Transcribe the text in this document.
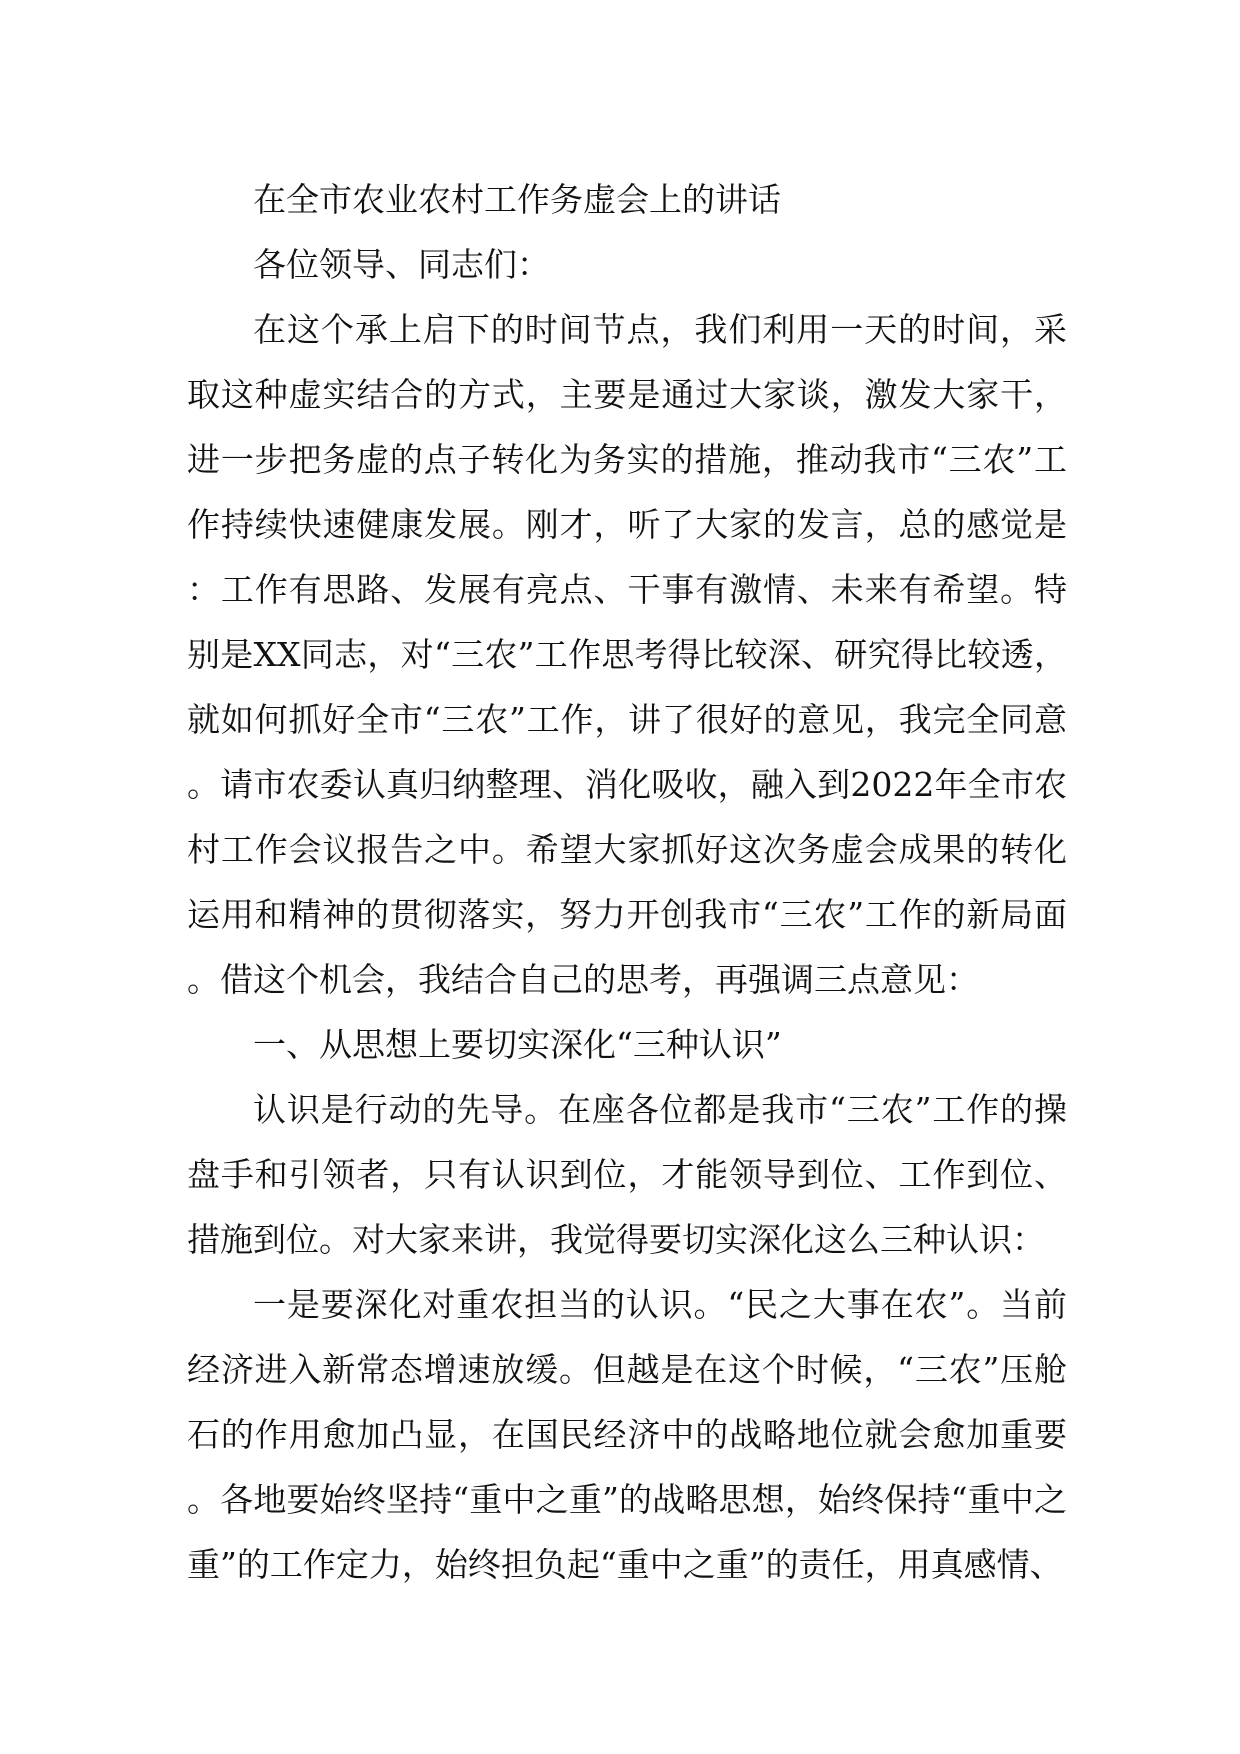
在全市农业农村工作务虚会上的讲话

各位领导、同志们：

在这个承上启下的时间节点，我们利用一天的时间，采取这种虚实结合的方式，主要是通过大家谈，激发大家干，进一步把务虚的点子转化为务实的措施，推动我市“三农”工作持续快速健康发展。刚才，听了大家的发言，总的感觉是：工作有思路、发展有亮点、干事有激情、未来有希望。特别是XX同志，对“三农”工作思考得比较深、研究得比较透，就如何抓好全市“三农”工作，讲了很好的意见，我完全同意。请市农委认真归纳整理、消化吸收，融入到2022年全市农村工作会议报告之中。希望大家抓好这次务虚会成果的转化运用和精神的贯彻落实，努力开创我市“三农”工作的新局面。借这个机会，我结合自己的思考，再强调三点意见：

一、从思想上要切实深化“三种认识”

认识是行动的先导。在座各位都是我市“三农”工作的操盘手和引领者，只有认识到位，才能领导到位、工作到位、措施到位。对大家来讲，我觉得要切实深化这么三种认识：

一是要深化对重农担当的认识。“民之大事在农”。当前经济进入新常态增速放缓。但越是在这个时候，“三农”压舱石的作用愈加凸显，在国民经济中的战略地位就会愈加重要。各地要始终坚持“重中之重”的战略思想，始终保持“重中之重”的工作定力，始终担负起“重中之重”的责任，用真感情、
